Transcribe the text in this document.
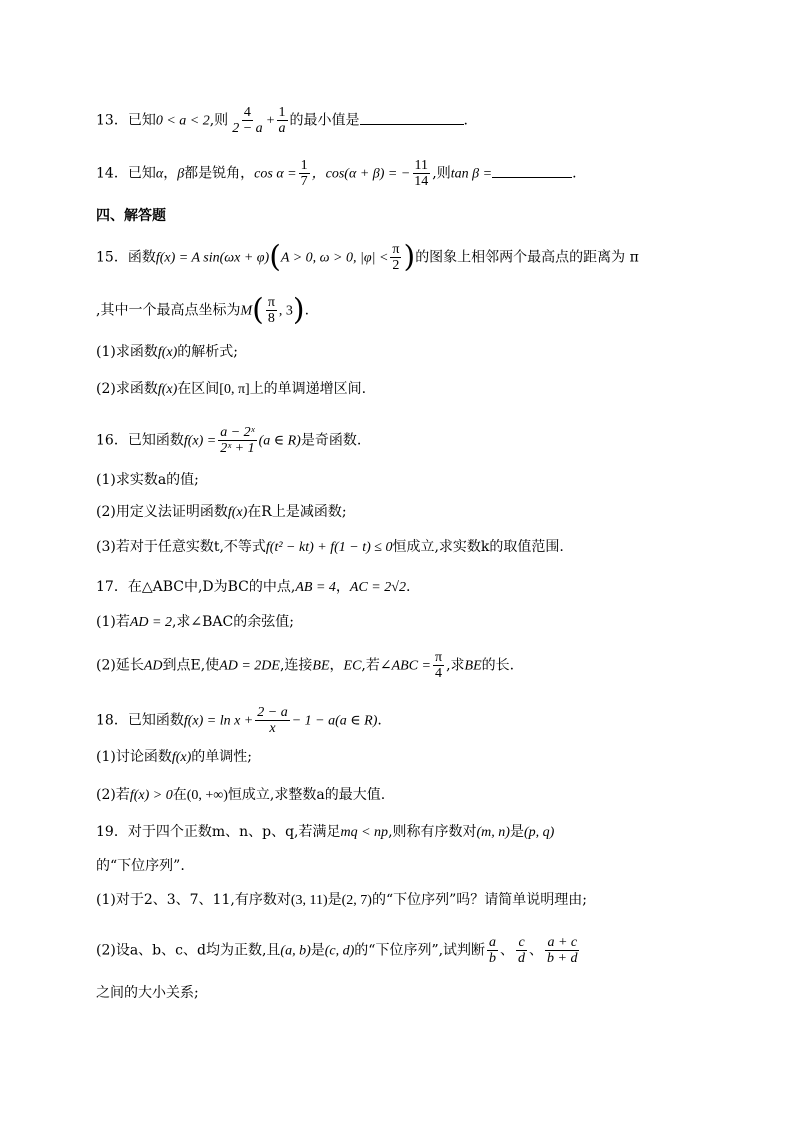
13．已知0 < a < 2,则 $\frac{4}{2 - a} + \frac{1}{a}$ 的最小值是	.
14．已知α，β都是锐角，$\cos \alpha = \frac{1}{7}$ ，cos(α + β) = − $\frac{11}{14}$ ,则tan β =	.
四、解答题
15．函数f(x) = A sin(ωx + φ)(A > 0, ω > 0, $|\varphi| < \frac{\pi}{2}$ )的图象上相邻两个最高点的距离为 π
,其中一个最高点坐标为$M( \frac{\pi}{8}$ , 3).
(1)求函数f(x)的解析式;
(2)求函数f(x)在区间[0, π]上的单调递增区间.
16．已知函数$f(x) = \frac{\text{a − 2ˣ}}{\text{2ˣ + 1}} (a$ ∈ R)是奇函数.
(1)求实数a的值;
(2)用定义法证明函数f(x)在R上是减函数;
(3)若对于任意实数t,不等式f(t² − kt) + f(1 − t) ≤ 0恒成立,求实数k的取值范围.
17．在△ABC中,D为BC的中点,AB = 4，AC = 2√2.
(1)若AD = 2,求∠BAC的余弦值;
(2)延长AD到点E,使AD = 2DE,连接BE，EC,若∠ABC = $\frac{\pi}{4}$ ,求BE的长.
18．已知函数$f(x) = \ln x + \frac{2 - a}{x} - 1 - a(a$ ∈ R).
(1)讨论函数f(x)的单调性;
(2)若f(x) > 0在(0, +∞)恒成立,求整数a的最大值.
19．对于四个正数m、n、p、q,若满足mq < np,则称有序数对(m, n)是(p, q)
的“下位序列”.
(1)对于2、3、7、11,有序数对(3, 11)是(2, 7)的“下位序列”吗？请简单说明理由;
(2)设a、b、c、d均为正数,且(a, b)是(c, d)的“下位序列”,试判断 $\frac{a}{b}$ 、 $\frac{c}{d}$ 、 $\frac{a + c}{b + d}$
之间的大小关系;
